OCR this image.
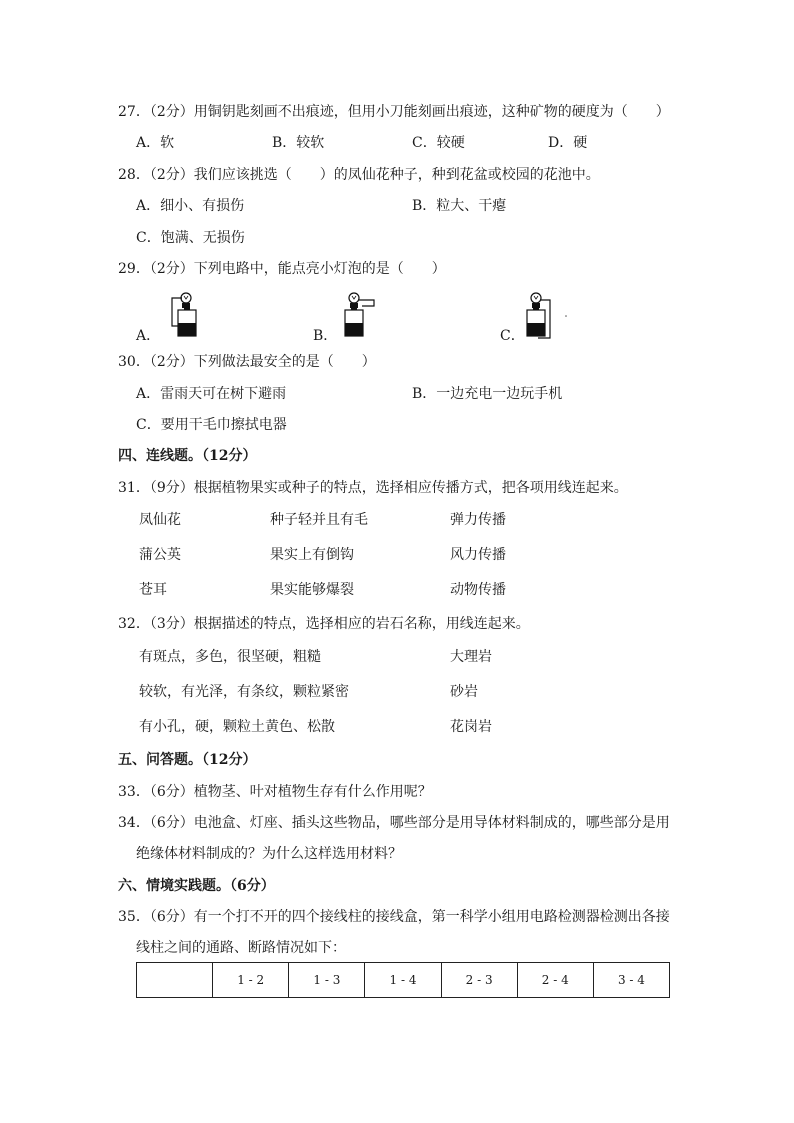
27．（2分）用铜钥匙刻画不出痕迹，但用小刀能刻画出痕迹，这种矿物的硬度为（　　）
A．软	B．较软	C．较硬	D．硬
28．（2分）我们应该挑选（　　）的凤仙花种子，种到花盆或校园的花池中。
A．细小、有损伤	B．粒大、干瘪
C．饱满、无损伤
29．（2分）下列电路中，能点亮小灯泡的是（　　）
A．	B．	C．
30．（2分）下列做法最安全的是（　　）
A．雷雨天可在树下避雨	B．一边充电一边玩手机
C．要用干毛巾擦拭电器
四、连线题。（12分）
31．（9分）根据植物果实或种子的特点，选择相应传播方式，把各项用线连起来。
凤仙花	种子轻并且有毛	弹力传播
蒲公英	果实上有倒钩	风力传播
苍耳	果实能够爆裂	动物传播
32．（3分）根据描述的特点，选择相应的岩石名称，用线连起来。
有斑点，多色，很坚硬，粗糙	大理岩
较软，有光泽，有条纹，颗粒紧密	砂岩
有小孔，硬，颗粒土黄色、松散	花岗岩
五、问答题。（12分）
33．（6分）植物茎、叶对植物生存有什么作用呢？
34．（6分）电池盒、灯座、插头这些物品，哪些部分是用导体材料制成的，哪些部分是用
绝缘体材料制成的？为什么这样选用材料？
六、情境实践题。（6分）
35．（6分）有一个打不开的四个接线柱的接线盒，第一科学小组用电路检测器检测出各接
线柱之间的通路、断路情况如下：
	1 - 2	1 - 3	1 - 4	2 - 3	2 - 4	3 - 4
